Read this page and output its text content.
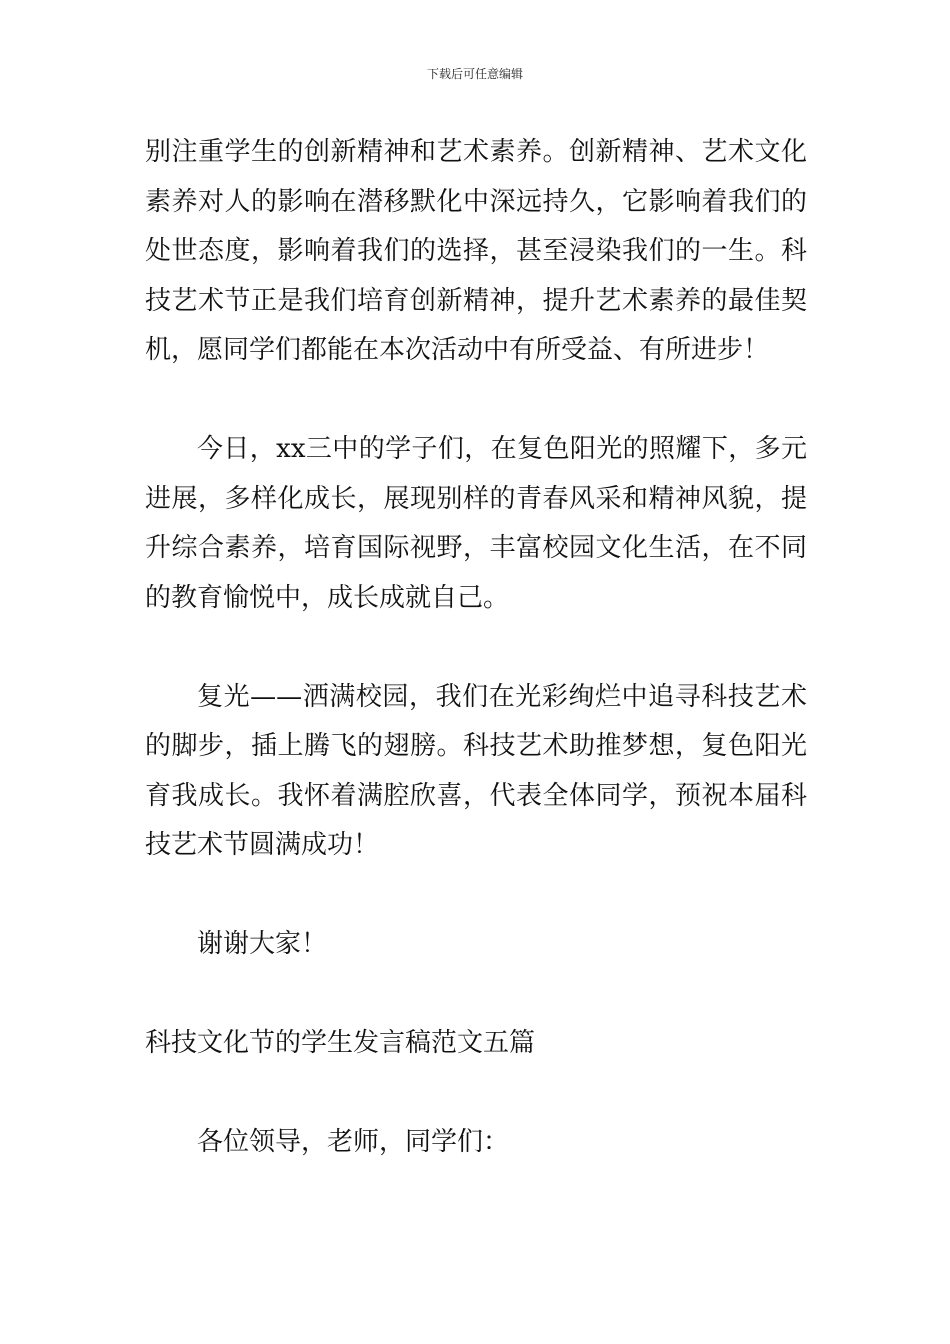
下载后可任意编辑

别注重学生的创新精神和艺术素养。创新精神、艺术文化素养对人的影响在潜移默化中深远持久，它影响着我们的处世态度，影响着我们的选择，甚至浸染我们的一生。科技艺术节正是我们培育创新精神，提升艺术素养的最佳契机，愿同学们都能在本次活动中有所受益、有所进步！

今日，xx三中的学子们，在复色阳光的照耀下，多元进展，多样化成长，展现别样的青春风采和精神风貌，提升综合素养，培育国际视野，丰富校园文化生活，在不同的教育愉悦中，成长成就自己。

复光——洒满校园，我们在光彩绚烂中追寻科技艺术的脚步，插上腾飞的翅膀。科技艺术助推梦想，复色阳光育我成长。我怀着满腔欣喜，代表全体同学，预祝本届科技艺术节圆满成功！

谢谢大家！

科技文化节的学生发言稿范文五篇

各位领导，老师，同学们：
